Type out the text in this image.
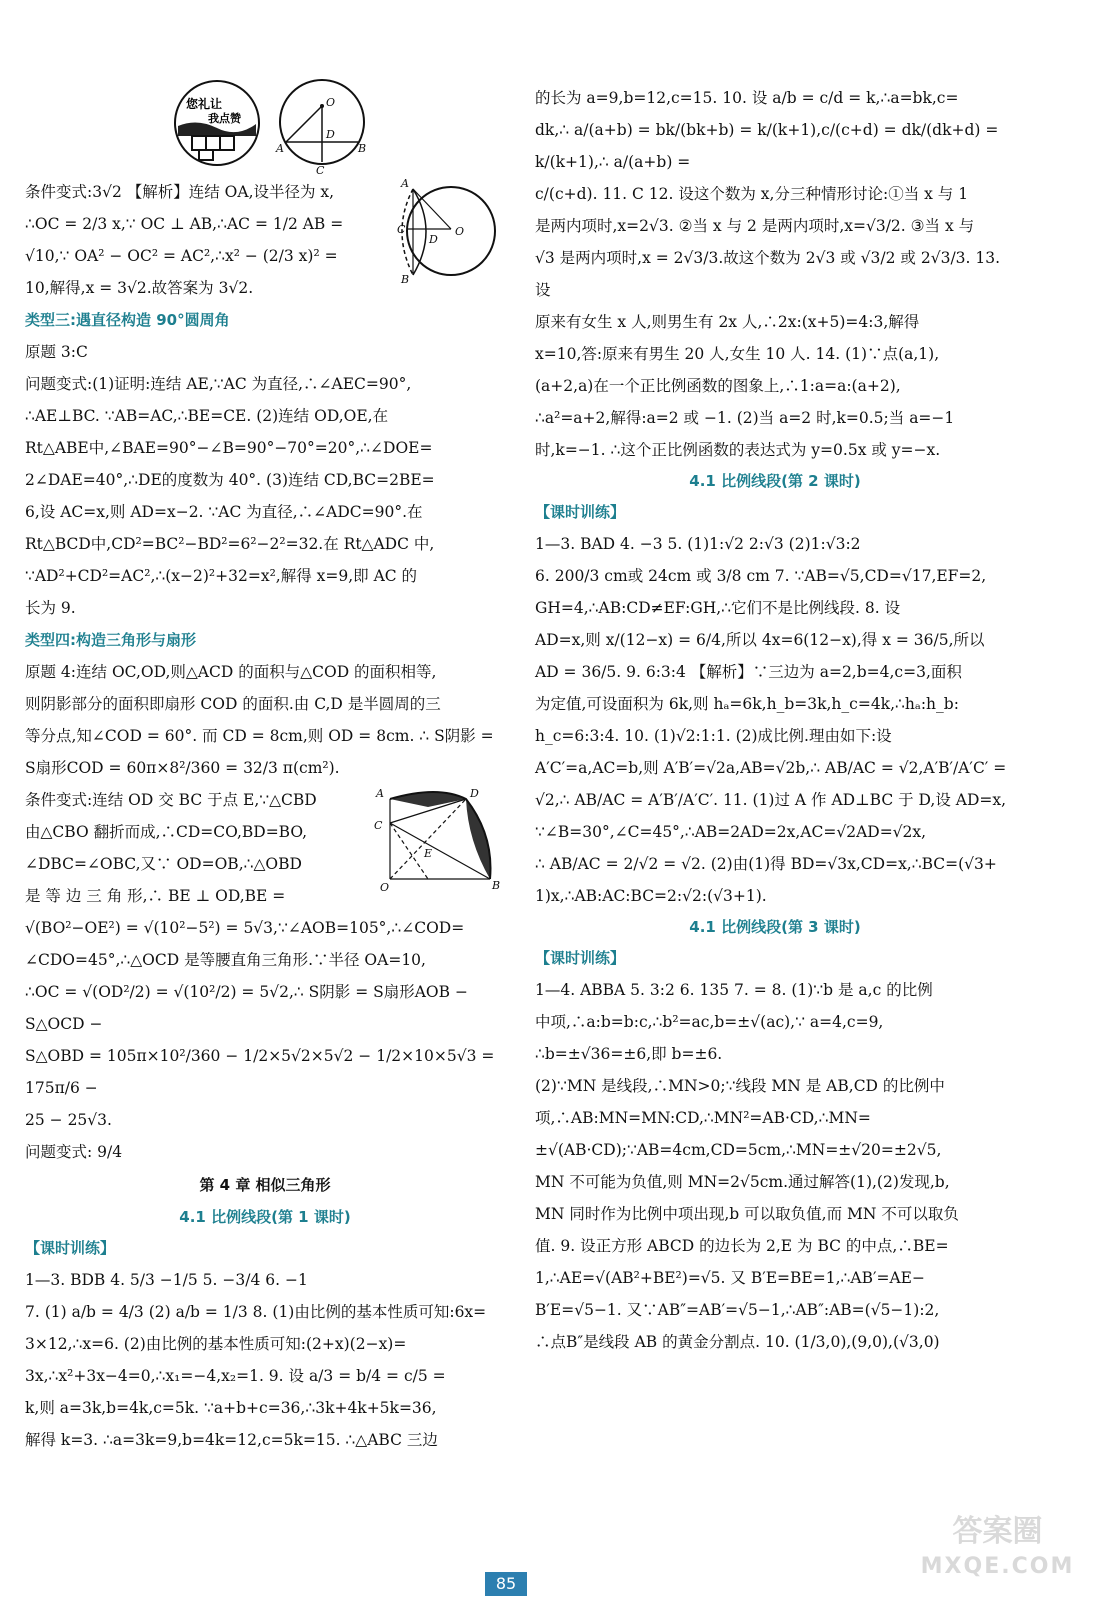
您礼让
我点赞
O
D
A	B
C
A
C
D
O
B
A	D
C
E
O	B

条件变式:3√2 【解析】连结 OA,设半径为 x,

∴OC = 2/3 x,∵ OC ⊥ AB,∴AC = 1/2 AB =

√10,∵ OA² − OC² = AC²,∴x² − (2/3 x)² =

10,解得,x = 3√2.故答案为 3√2.

类型三:遇直径构造 90°圆周角

原题 3:C

问题变式:(1)证明:连结 AE,∵AC 为直径,∴∠AEC=90°,

∴AE⊥BC. ∵AB=AC,∴BE=CE. (2)连结 OD,OE,在

Rt△ABE中,∠BAE=90°−∠B=90°−70°=20°,∴∠DOE=

2∠DAE=40°,∴DE的度数为 40°. (3)连结 CD,BC=2BE=

6,设 AC=x,则 AD=x−2. ∵AC 为直径,∴∠ADC=90°.在

Rt△BCD中,CD²=BC²−BD²=6²−2²=32.在 Rt△ADC 中,

∵AD²+CD²=AC²,∴(x−2)²+32=x²,解得 x=9,即 AC 的

长为 9.

类型四:构造三角形与扇形

原题 4:连结 OC,OD,则△ACD 的面积与△COD 的面积相等,

则阴影部分的面积即扇形 COD 的面积.由 C,D 是半圆周的三

等分点,知∠COD = 60°. 而 CD = 8cm,则 OD = 8cm. ∴ S阴影 =

S扇形COD = 60π×8²/360 = 32/3 π(cm²).

条件变式:连结 OD 交 BC 于点 E,∵△CBD

由△CBO 翻折而成,∴CD=CO,BD=BO,

∠DBC=∠OBC,又∵ OD=OB,∴△OBD

是 等 边 三 角 形,∴ BE ⊥ OD,BE =

√(BO²−OE²) = √(10²−5²) = 5√3,∵∠AOB=105°,∴∠COD=

∠CDO=45°,∴△OCD 是等腰直角三角形.∵半径 OA=10,

∴OC = √(OD²/2) = √(10²/2) = 5√2,∴ S阴影 = S扇形AOB − S△OCD −

S△OBD = 105π×10²/360 − 1/2×5√2×5√2 − 1/2×10×5√3 = 175π/6 −

25 − 25√3.

问题变式: 9/4

第 4 章 相似三角形

4.1 比例线段(第 1 课时)

【课时训练】

1—3. BDB 4. 5/3 −1/5 5. −3/4 6. −1

7. (1) a/b = 4/3 (2) a/b = 1/3 8. (1)由比例的基本性质可知:6x=

3×12,∴x=6. (2)由比例的基本性质可知:(2+x)(2−x)=

3x,∴x²+3x−4=0,∴x₁=−4,x₂=1. 9. 设 a/3 = b/4 = c/5 =

k,则 a=3k,b=4k,c=5k. ∵a+b+c=36,∴3k+4k+5k=36,

解得 k=3. ∴a=3k=9,b=4k=12,c=5k=15. ∴△ABC 三边

的长为 a=9,b=12,c=15. 10. 设 a/b = c/d = k,∴a=bk,c=

dk,∴ a/(a+b) = bk/(bk+b) = k/(k+1),c/(c+d) = dk/(dk+d) = k/(k+1),∴ a/(a+b) =

c/(c+d). 11. C 12. 设这个数为 x,分三种情形讨论:①当 x 与 1

是两内项时,x=2√3. ②当 x 与 2 是两内项时,x=√3/2. ③当 x 与

√3 是两内项时,x = 2√3/3.故这个数为 2√3 或 √3/2 或 2√3/3. 13. 设

原来有女生 x 人,则男生有 2x 人,∴2x:(x+5)=4:3,解得

x=10,答:原来有男生 20 人,女生 10 人. 14. (1)∵点(a,1),

(a+2,a)在一个正比例函数的图象上,∴1:a=a:(a+2),

∴a²=a+2,解得:a=2 或 −1. (2)当 a=2 时,k=0.5;当 a=−1

时,k=−1. ∴这个正比例函数的表达式为 y=0.5x 或 y=−x.

4.1 比例线段(第 2 课时)

【课时训练】

1—3. BAD 4. −3 5. (1)1:√2 2:√3 (2)1:√3:2

6. 200/3 cm或 24cm 或 3/8 cm 7. ∵AB=√5,CD=√17,EF=2,

GH=4,∴AB:CD≠EF:GH,∴它们不是比例线段. 8. 设

AD=x,则 x/(12−x) = 6/4,所以 4x=6(12−x),得 x = 36/5,所以

AD = 36/5. 9. 6:3:4 【解析】∵三边为 a=2,b=4,c=3,面积

为定值,可设面积为 6k,则 hₐ=6k,h_b=3k,h_c=4k,∴hₐ:h_b:

h_c=6:3:4. 10. (1)√2:1:1. (2)成比例.理由如下:设

A′C′=a,AC=b,则 A′B′=√2a,AB=√2b,∴ AB/AC = √2,A′B′/A′C′ =

√2,∴ AB/AC = A′B′/A′C′. 11. (1)过 A 作 AD⊥BC 于 D,设 AD=x,

∵∠B=30°,∠C=45°,∴AB=2AD=2x,AC=√2AD=√2x,

∴ AB/AC = 2/√2 = √2. (2)由(1)得 BD=√3x,CD=x,∴BC=(√3+

1)x,∴AB:AC:BC=2:√2:(√3+1).

4.1 比例线段(第 3 课时)

【课时训练】

1—4. ABBA 5. 3:2 6. 135 7. = 8. (1)∵b 是 a,c 的比例

中项,∴a:b=b:c,∴b²=ac,b=±√(ac),∵ a=4,c=9,

∴b=±√36=±6,即 b=±6.

(2)∵MN 是线段,∴MN>0;∵线段 MN 是 AB,CD 的比例中

项,∴AB:MN=MN:CD,∴MN²=AB·CD,∴MN=

±√(AB·CD);∵AB=4cm,CD=5cm,∴MN=±√20=±2√5,

MN 不可能为负值,则 MN=2√5cm.通过解答(1),(2)发现,b,

MN 同时作为比例中项出现,b 可以取负值,而 MN 不可以取负

值. 9. 设正方形 ABCD 的边长为 2,E 为 BC 的中点,∴BE=

1,∴AE=√(AB²+BE²)=√5. 又 B′E=BE=1,∴AB′=AE−

B′E=√5−1. 又∵AB″=AB′=√5−1,∴AB″:AB=(√5−1):2,

∴点B″是线段 AB 的黄金分割点. 10. (1/3,0),(9,0),(√3,0)

85
答案圈
MXQE.COM
